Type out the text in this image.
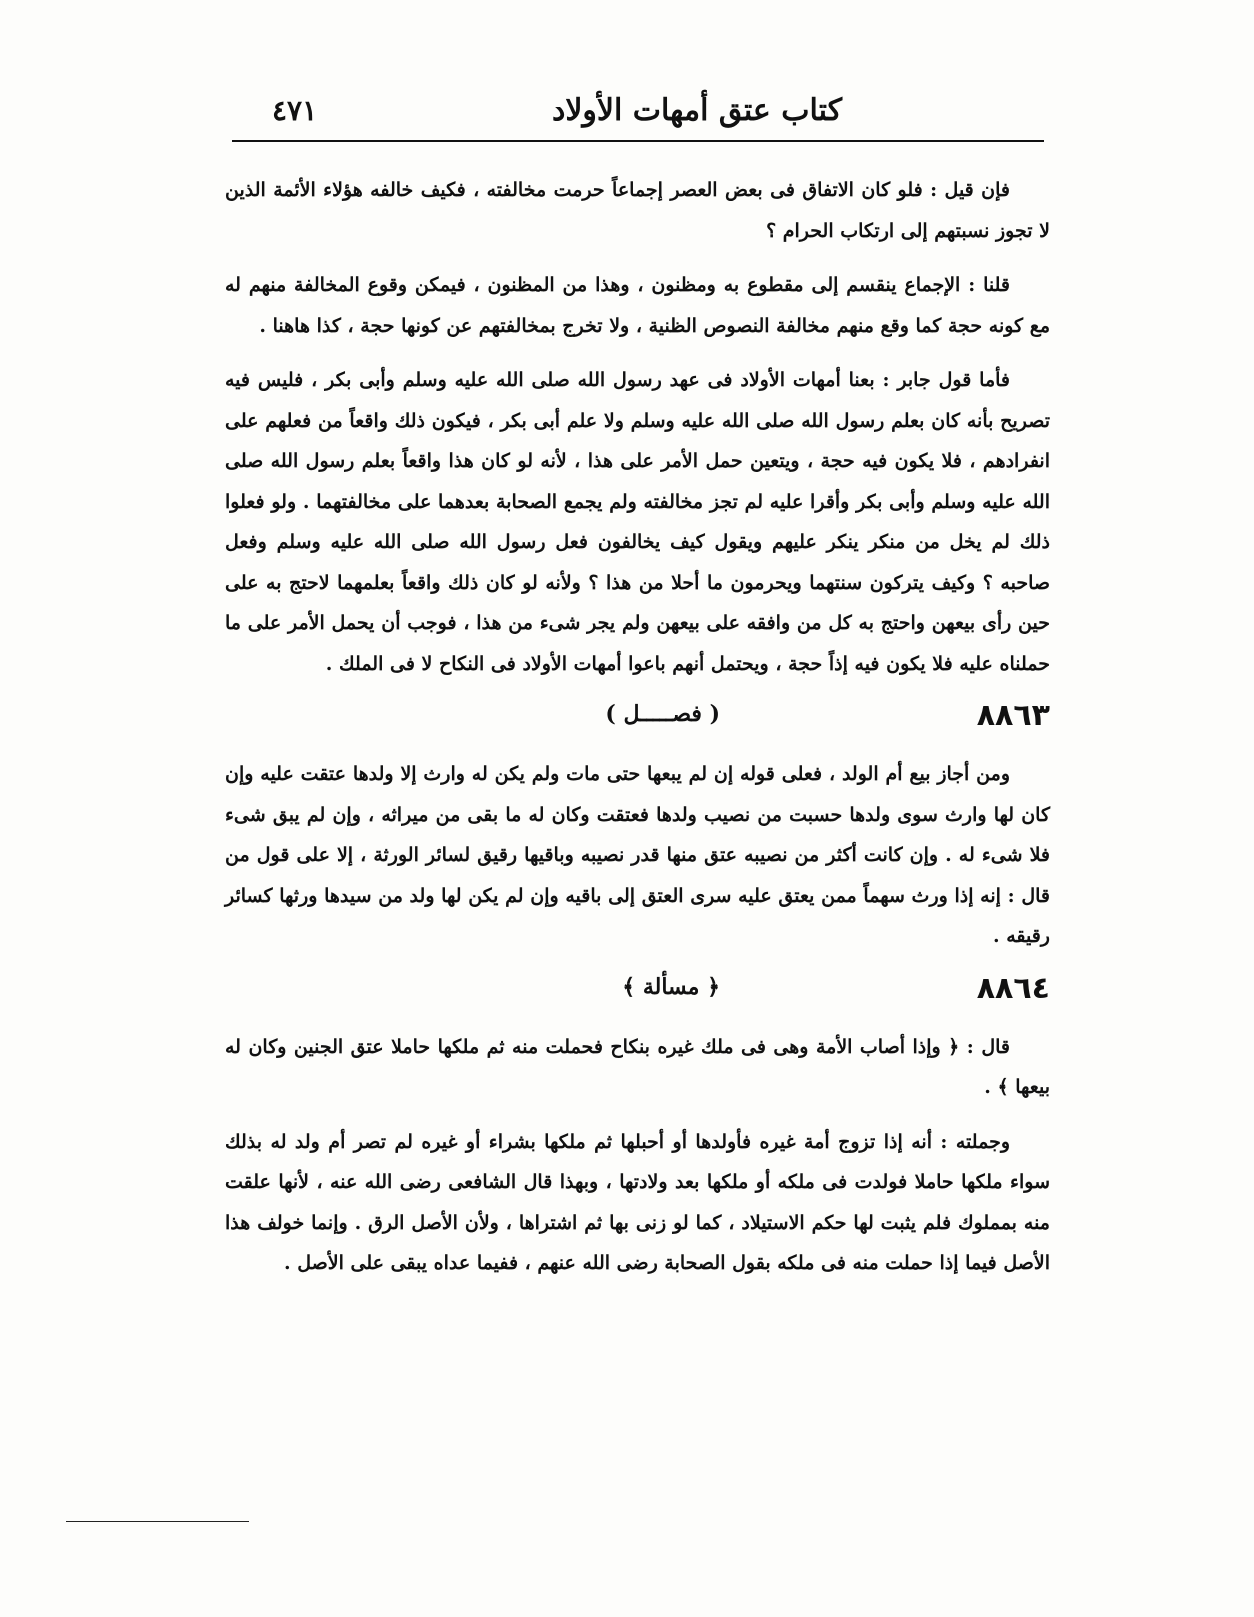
كتاب عتق أمهات الأولاد
٤٧١

فإن قيل : فلو كان الاتفاق فى بعض العصر إجماعاً حرمت مخالفته ، فكيف خالفه هؤلاء الأئمة الذين لا تجوز نسبتهم إلى ارتكاب الحرام ؟

قلنا : الإجماع ينقسم إلى مقطوع به ومظنون ، وهذا من المظنون ، فيمكن وقوع المخالفة منهم له مع كونه حجة كما وقع منهم مخالفة النصوص الظنية ، ولا تخرج بمخالفتهم عن كونها حجة ، كذا هاهنا .

فأما قول جابر : بعنا أمهات الأولاد فى عهد رسول الله صلى الله عليه وسلم وأبى بكر ، فليس فيه تصريح بأنه كان بعلم رسول الله صلى الله عليه وسلم ولا علم أبى بكر ، فيكون ذلك واقعاً من فعلهم على انفرادهم ، فلا يكون فيه حجة ، ويتعين حمل الأمر على هذا ، لأنه لو كان هذا واقعاً بعلم رسول الله صلى الله عليه وسلم وأبى بكر وأقرا عليه لم تجز مخالفته ولم يجمع الصحابة بعدهما على مخالفتهما . ولو فعلوا ذلك لم يخل من منكر ينكر عليهم ويقول كيف يخالفون فعل رسول الله صلى الله عليه وسلم وفعل صاحبه ؟ وكيف يتركون سنتهما ويحرمون ما أحلا من هذا ؟ ولأنه لو كان ذلك واقعاً بعلمهما لاحتج به على حين رأى بيعهن واحتج به كل من وافقه على بيعهن ولم يجر شىء من هذا ، فوجب أن يحمل الأمر على ما حملناه عليه فلا يكون فيه إذاً حجة ، ويحتمل أنهم باعوا أمهات الأولاد فى النكاح لا فى الملك .

٨٨٦٣
( فصـــــل )

ومن أجاز بيع أم الولد ، فعلى قوله إن لم يبعها حتى مات ولم يكن له وارث إلا ولدها عتقت عليه وإن كان لها وارث سوى ولدها حسبت من نصيب ولدها فعتقت وكان له ما بقى من ميراثه ، وإن لم يبق شىء فلا شىء له . وإن كانت أكثر من نصيبه عتق منها قدر نصيبه وباقيها رقيق لسائر الورثة ، إلا على قول من قال : إنه إذا ورث سهماً ممن يعتق عليه سرى العتق إلى باقيه وإن لم يكن لها ولد من سيدها ورثها كسائر رقيقه .

٨٨٦٤
﴿ مسألة ﴾

قال : ﴿ وإذا أصاب الأمة وهى فى ملك غيره بنكاح فحملت منه ثم ملكها حاملا عتق الجنين وكان له بيعها ﴾ .

وجملته : أنه إذا تزوج أمة غيره فأولدها أو أحبلها ثم ملكها بشراء أو غيره لم تصر أم ولد له بذلك سواء ملكها حاملا فولدت فى ملكه أو ملكها بعد ولادتها ، وبهذا قال الشافعى رضى الله عنه ، لأنها علقت منه بمملوك فلم يثبت لها حكم الاستيلاد ، كما لو زنى بها ثم اشتراها ، ولأن الأصل الرق . وإنما خولف هذا الأصل فيما إذا حملت منه فى ملكه بقول الصحابة رضى الله عنهم ، ففيما عداه يبقى على الأصل .
